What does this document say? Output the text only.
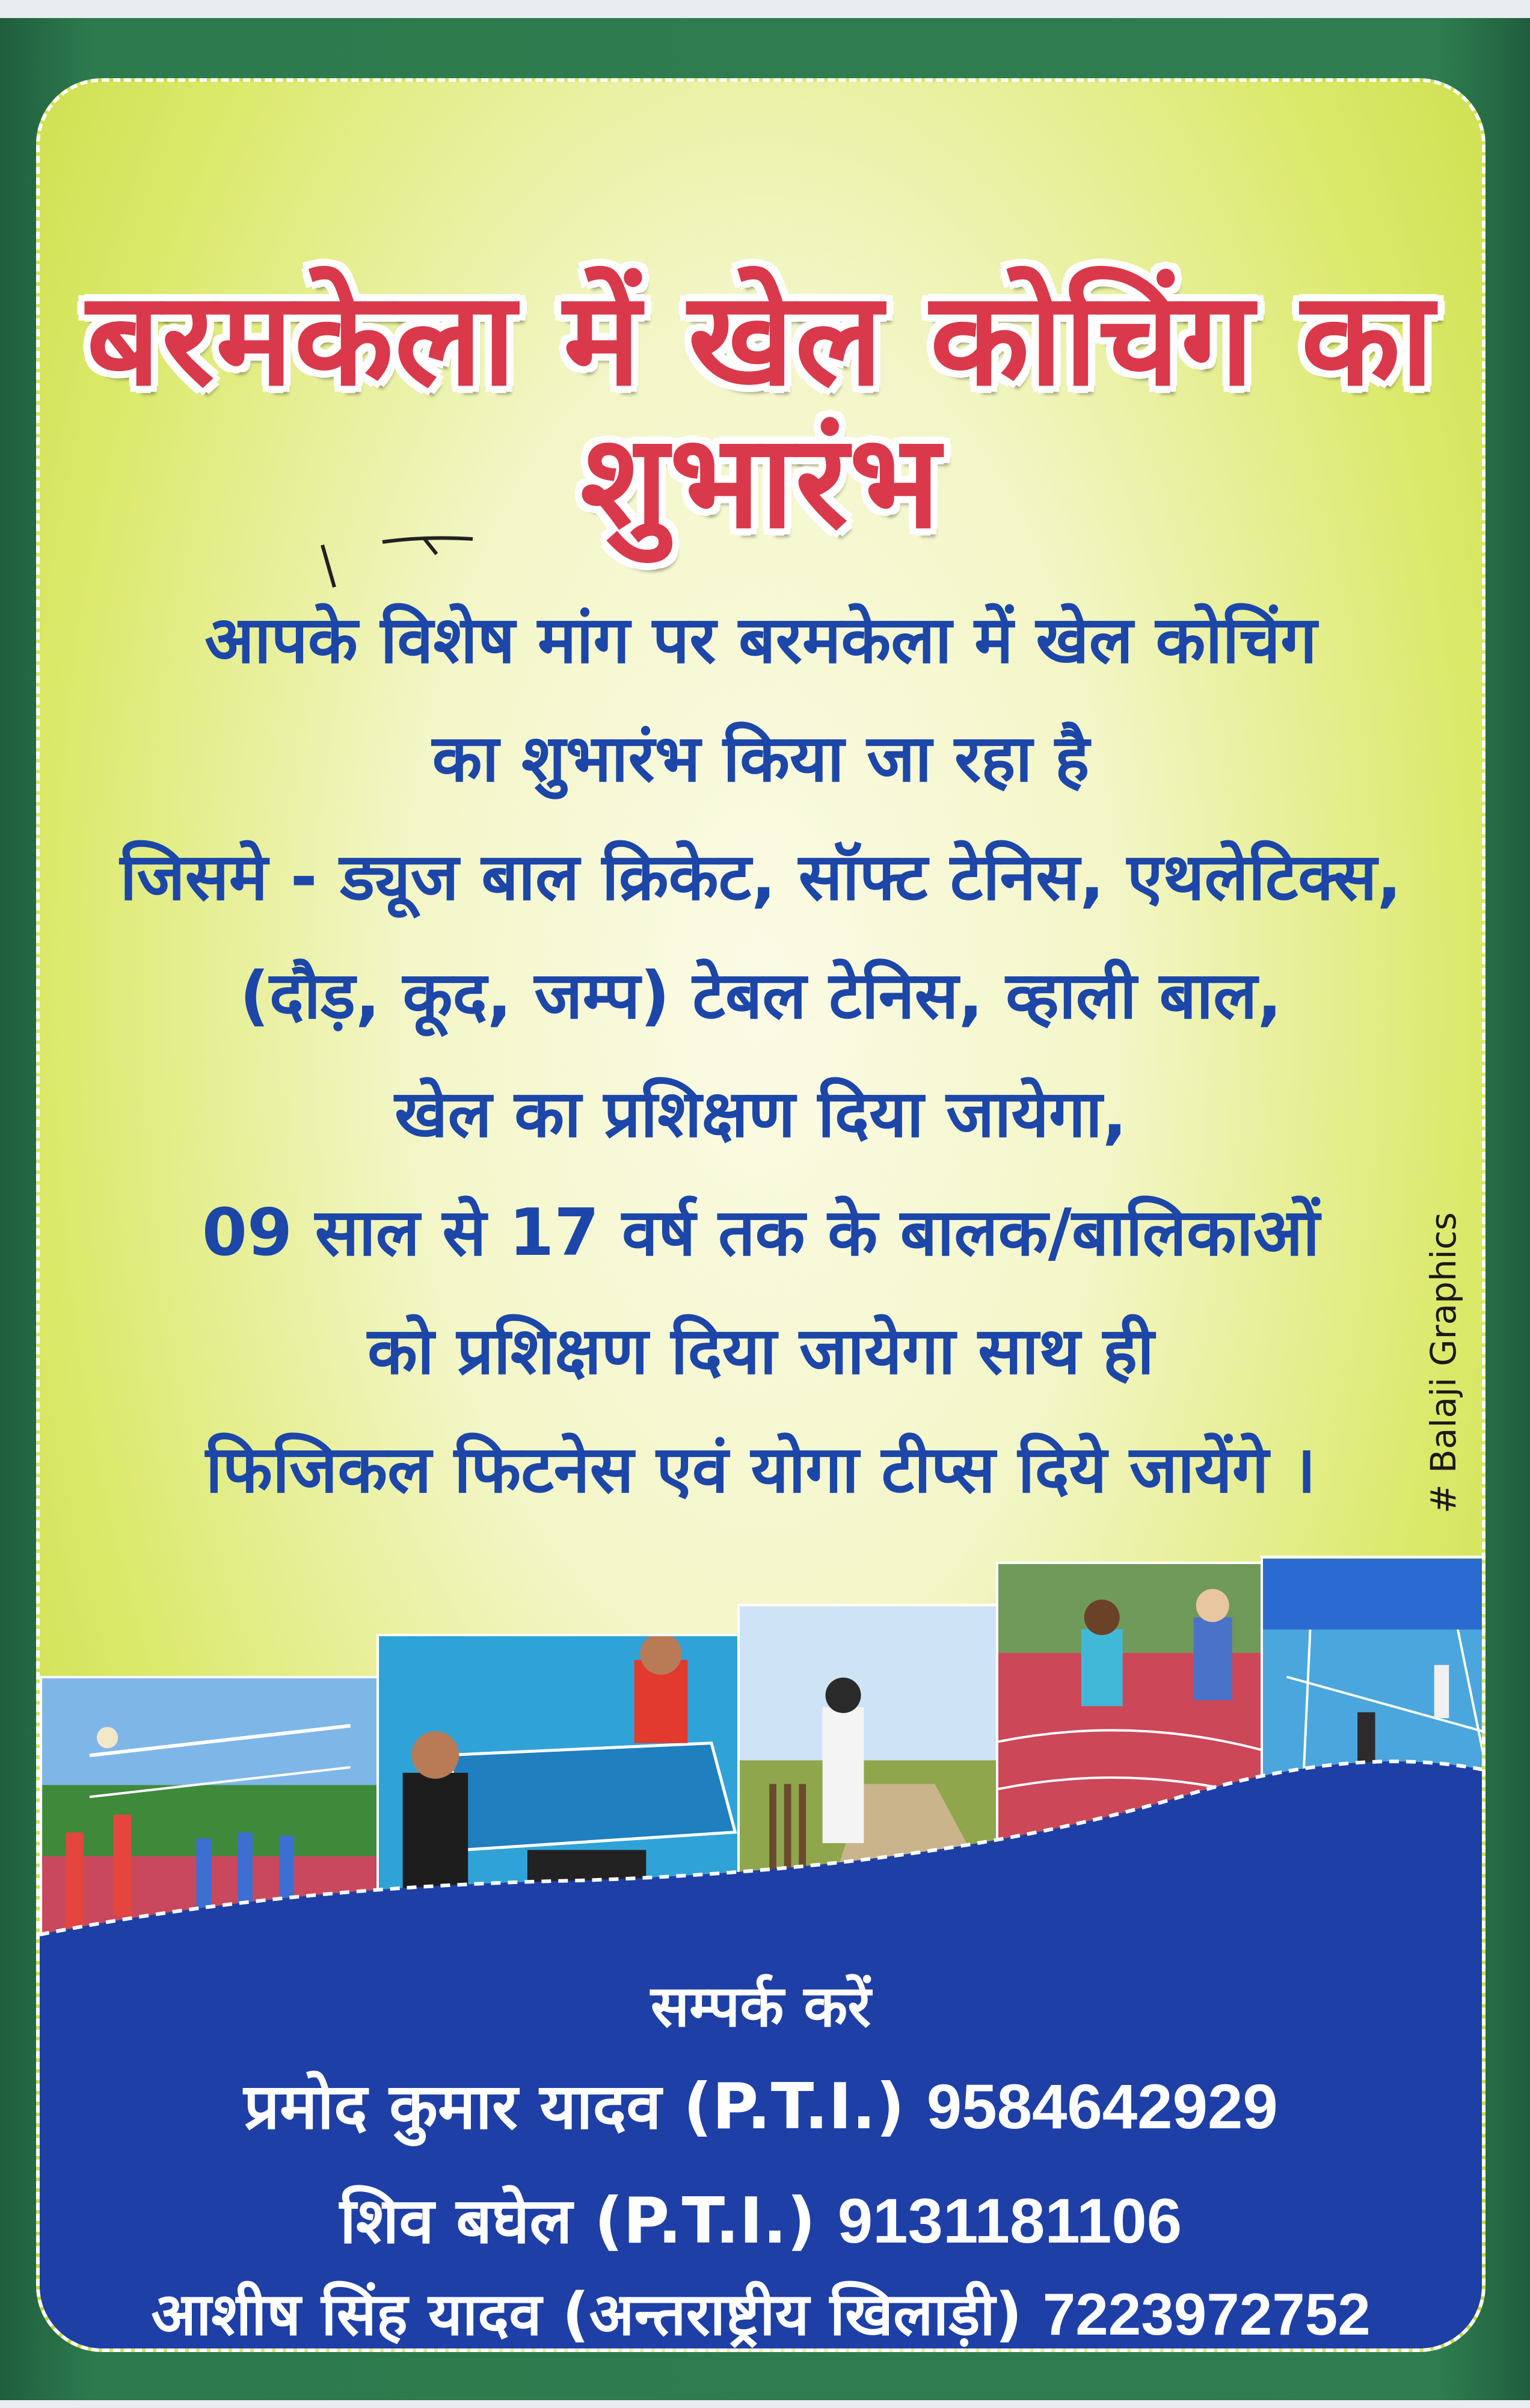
बरमकेला में खेल कोचिंग का शुभारंभ
आपके विशेष मांग पर बरमकेला में खेल कोचिंग
का शुभारंभ किया जा रहा है
जिसमे - ड्यूज बाल क्रिकेट, सॉफ्ट टेनिस, एथलेटिक्स,
(दौड़, कूद, जम्प) टेबल टेनिस, व्हाली बाल,
खेल का प्रशिक्षण दिया जायेगा,
09 साल से 17 वर्ष तक के बालक/बालिकाओं
को प्रशिक्षण दिया जायेगा साथ ही
फिजिकल फिटनेस एवं योगा टीप्स दिये जायेंगे ।	# Balaji Graphics
सम्पर्क करें
प्रमोद कुमार यादव (P.T.I.) 9584642929
शिव बघेल (P.T.I.) 9131181106
आशीष सिंह यादव (अन्तराष्ट्रीय खिलाड़ी) 7223972752
